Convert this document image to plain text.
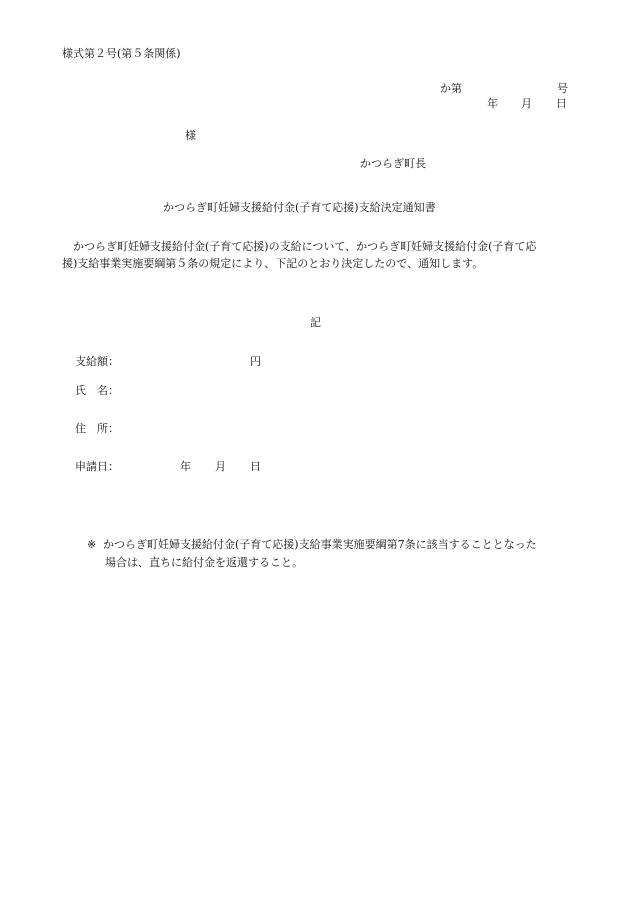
様式第２号(第５条関係)
か第	号
年 月 日
様
かつらぎ町長
かつらぎ町妊婦支援給付金(子育て応援)支給決定通知書
　かつらぎ町妊婦支援給付金(子育て応援)の支給について、かつらぎ町妊婦支援給付金(子育て応
援)支給事業実施要綱第５条の規定により、下記のとおり決定したので、通知します。
記
支給額：	円
氏　名：
住　所：
申請日：	年 月 日
※ かつらぎ町妊婦支援給付金(子育て応援)支給事業実施要綱第7条に該当することとなった
場合は、直ちに給付金を返還すること。
